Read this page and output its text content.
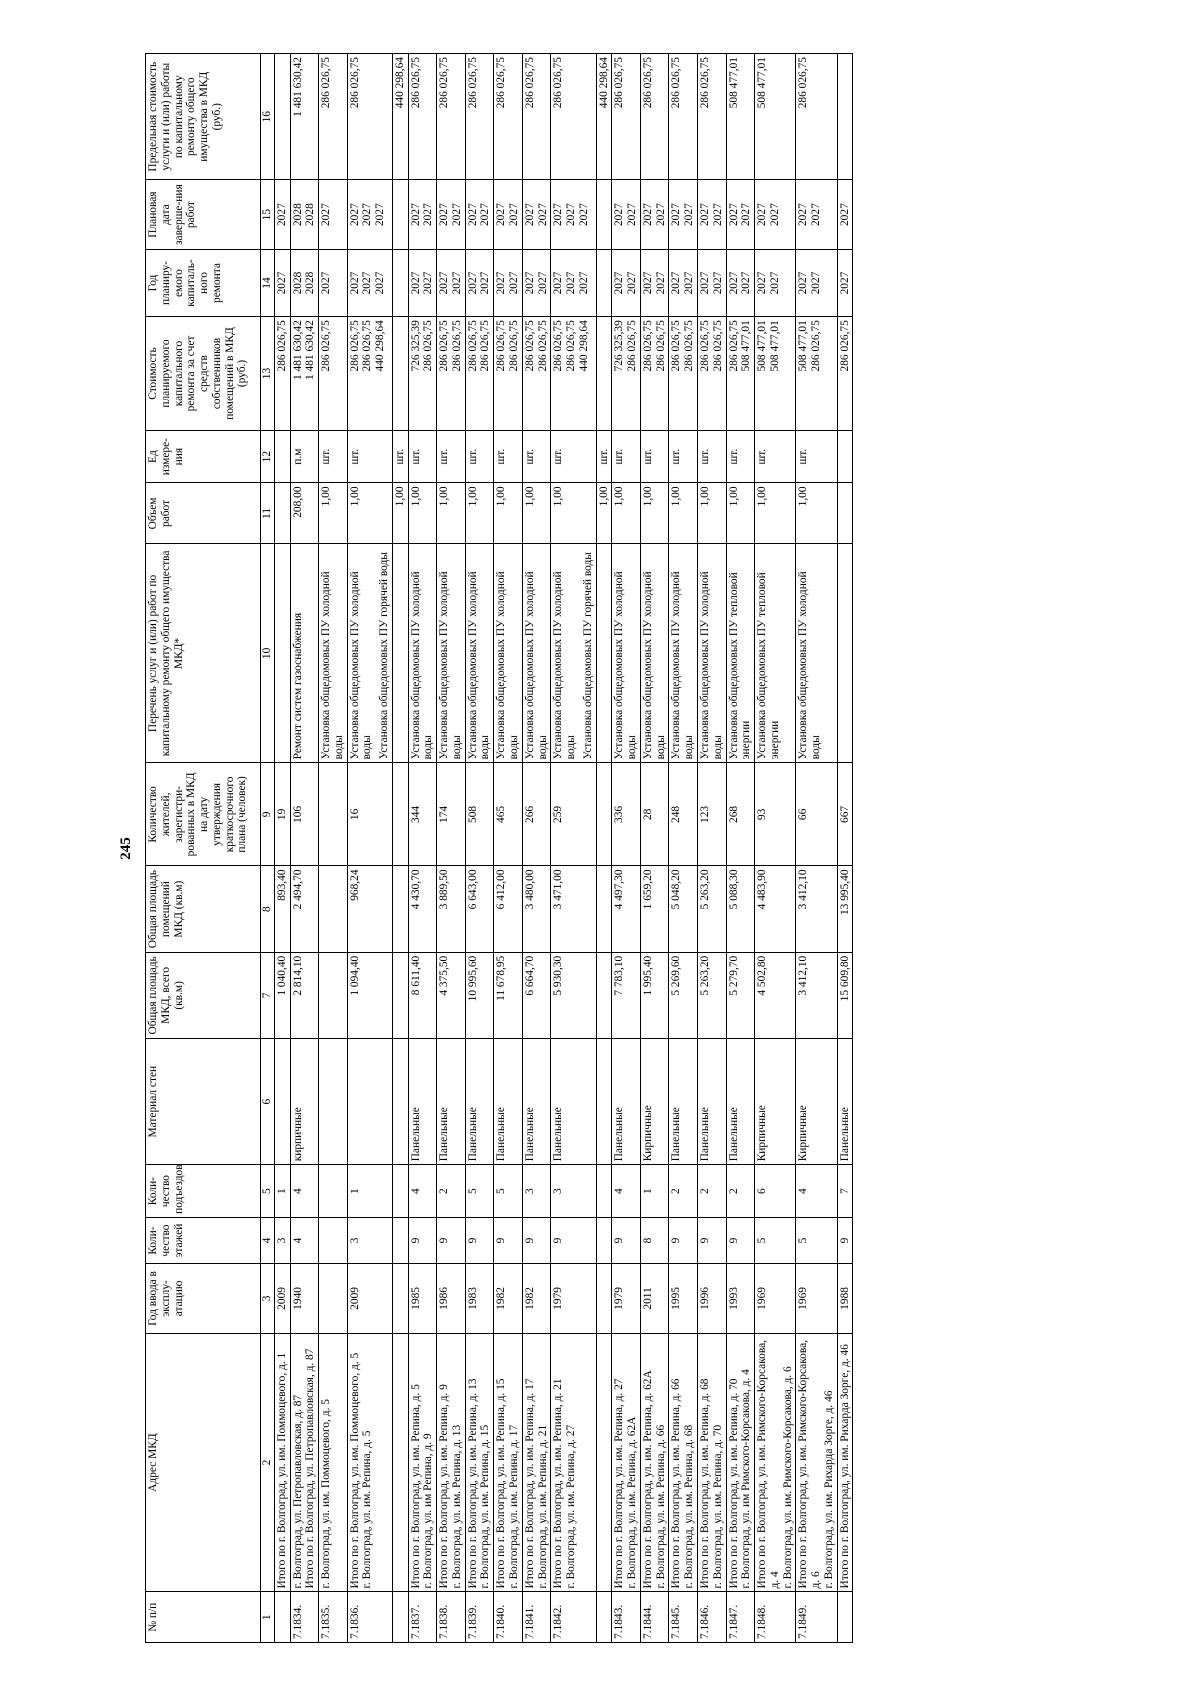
245
№ п/п	Адрес МКД	Год ввода в эксплу-атацию	Коли-чество этажей	Коли-чество подъездов	Материал стен	Общая площадь МКД, всего (кв.м)	Общая площадь помещений МКД (кв.м)	Количество жителей, зарегистри-рованных в МКД на дату утверждения краткосрочного плана (человек)	Перечень услуг и (или) работ по капитальному ремонту общего имущества МКД*	Объем работ	Ед измере-ния	Стоимость планируемого капитального ремонта за счет средств собственников помещений в МКД (руб.)	Год планиру-емого капиталь-ного ремонта	Плановая дата заверше-ния работ	Предельная стоимость услуги и (или) работы по капитальному ремонту общего имущества в МКД (руб.)
1	2	3	4	5	6	7	8	9	10	11	12	13	14	15	16

	Итого по г. Волгоград, ул. им. Поммоцевого, д. 1	2009	3	1		1 040,40	893,40	19				286 026,75	2027	2027	

7.1834.	г. Волгоград, ул. Петропавловская, д. 87 Итого по г. Волгоград, ул. Петропавловская, д. 87	1940	4	4	кирпичные	2 814,10	2 494,70	106	Ремонт систем газоснабжения	208,00	п.м	1 481 630,42 1 481 630,42	2028 2028	2028 2028	1 481 630,42

7.1835.	г. Волгоград, ул. им. Поммоцевого, д. 5								Установка общедомовых ПУ холодной воды	1,00	шт.	286 026,75	2027	2027	286 026,75

7.1836.	Итого по г. Волгоград, ул. им. Поммоцевого, д. 5 г. Волгоград, ул. им. Репина, д. 5	2009	3	1		1 094,40	968,24	16	Установка общедомовых ПУ холодной воды Установка общедомовых ПУ горячей воды	1,00	шт.	286 026,75 286 026,75 440 298,64	2027 2027 2027	2027 2027 2027	286 026,75

										1,00	шт.				440 298,64

7.1837.	Итого по г. Волгоград, ул. им. Репина, д. 5 г. Волгоград, ул. им Репина, д. 9	1985	9	4	Панельные	8 611,40	4 430,70	344	Установка общедомовых ПУ холодной воды	1,00	шт.	726 325,39 286 026,75	2027 2027	2027 2027	286 026,75

7.1838.	Итого по г. Волгоград, ул. им. Репина, д. 9 г. Волгоград, ул. им. Репина, д. 13	1986	9	2	Панельные	4 375,50	3 889,50	174	Установка общедомовых ПУ холодной воды	1,00	шт.	286 026,75 286 026,75	2027 2027	2027 2027	286 026,75

7.1839.	Итого по г. Волгоград, ул. им. Репина, д. 13 г. Волгоград, ул. им. Репина, д. 15	1983	9	5	Панельные	10 995,60	6 643,00	508	Установка общедомовых ПУ холодной воды	1,00	шт.	286 026,75 286 026,75	2027 2027	2027 2027	286 026,75

7.1840.	Итого по г. Волгоград, ул. им. Репина, д. 15 г. Волгоград, ул. им. Репина, д. 17	1982	9	5	Панельные	11 678,95	6 412,00	465	Установка общедомовых ПУ холодной воды	1,00	шт.	286 026,75 286 026,75	2027 2027	2027 2027	286 026,75

7.1841.	Итого по г. Волгоград, ул. им. Репина, д. 17 г. Волгоград, ул. им. Репина, д. 21	1982	9	3	Панельные	6 664,70	3 480,00	266	Установка общедомовых ПУ холодной воды	1,00	шт.	286 026,75 286 026,75	2027 2027	2027 2027	286 026,75

7.1842.	Итого по г. Волгоград, ул. им. Репина, д. 21 г. Волгоград, ул. им. Репина, д. 27	1979	9	3	Панельные	5 930,30	3 471,00	259	Установка общедомовых ПУ холодной воды Установка общедомовых ПУ горячей воды	1,00	шт.	286 026,75 286 026,75 440 298,64	2027 2027 2027	2027 2027 2027	286 026,75

										1,00	шт.				440 298,64

7.1843.	Итого по г. Волгоград, ул. им. Репина, д. 27 г. Волгоград, ул. им. Репина, д. 62А	1979	9	4	Панельные	7 783,10	4 497,30	336	Установка общедомовых ПУ холодной воды	1,00	шт.	726 325,39 286 026,75	2027 2027	2027 2027	286 026,75

7.1844.	Итого по г. Волгоград, ул. им. Репина, д. 62А г. Волгоград, ул. им. Репина, д. 66	2011	8	1	Кирпичные	1 995,40	1 659,20	28	Установка общедомовых ПУ холодной воды	1,00	шт.	286 026,75 286 026,75	2027 2027	2027 2027	286 026,75

7.1845.	Итого по г. Волгоград, ул. им. Репина, д. 66 г. Волгоград, ул. им. Репина, д. 68	1995	9	2	Панельные	5 269,60	5 048,20	248	Установка общедомовых ПУ холодной воды	1,00	шт.	286 026,75 286 026,75	2027 2027	2027 2027	286 026,75

7.1846.	Итого по г. Волгоград, ул. им. Репина, д. 68 г. Волгоград, ул. им. Репина, д. 70	1996	9	2	Панельные	5 263,20	5 263,20	123	Установка общедомовых ПУ холодной воды	1,00	шт.	286 026,75 286 026,75	2027 2027	2027 2027	286 026,75

7.1847.	Итого по г. Волгоград, ул. им. Репина, д. 70 г. Волгоград, ул. им Римского-Корсакова, д. 4	1993	9	2	Панельные	5 279,70	5 088,30	268	Установка общедомовых ПУ тепловой энергии	1,00	шт.	286 026,75 508 477,01	2027 2027	2027 2027	508 477,01

7.1848.	Итого по г. Волгоград, ул. им. Римского-Корсакова, д. 4 г. Волгоград, ул. им. Римского-Корсакова, д. 6	1969	5	6	Кирпичные	4 502,80	4 483,90	93	Установка общедомовых ПУ тепловой энергии	1,00	шт.	508 477,01 508 477,01	2027 2027	2027 2027	508 477,01

7.1849.	Итого по г. Волгоград, ул. им. Римского-Корсакова, д. 6 г. Волгоград, ул. им. Рихарда Зорге, д. 46	1969	5	4	Кирпичные	3 412,10	3 412,10	66	Установка общедомовых ПУ холодной воды	1,00	шт.	508 477,01 286 026,75	2027 2027	2027 2027	286 026,75

	Итого по г. Волгоград, ул. им. Рихарда Зорге, д. 46	1988	9	7	Панельные	15 609,80	13 995,40	667				286 026,75	2027	2027	
